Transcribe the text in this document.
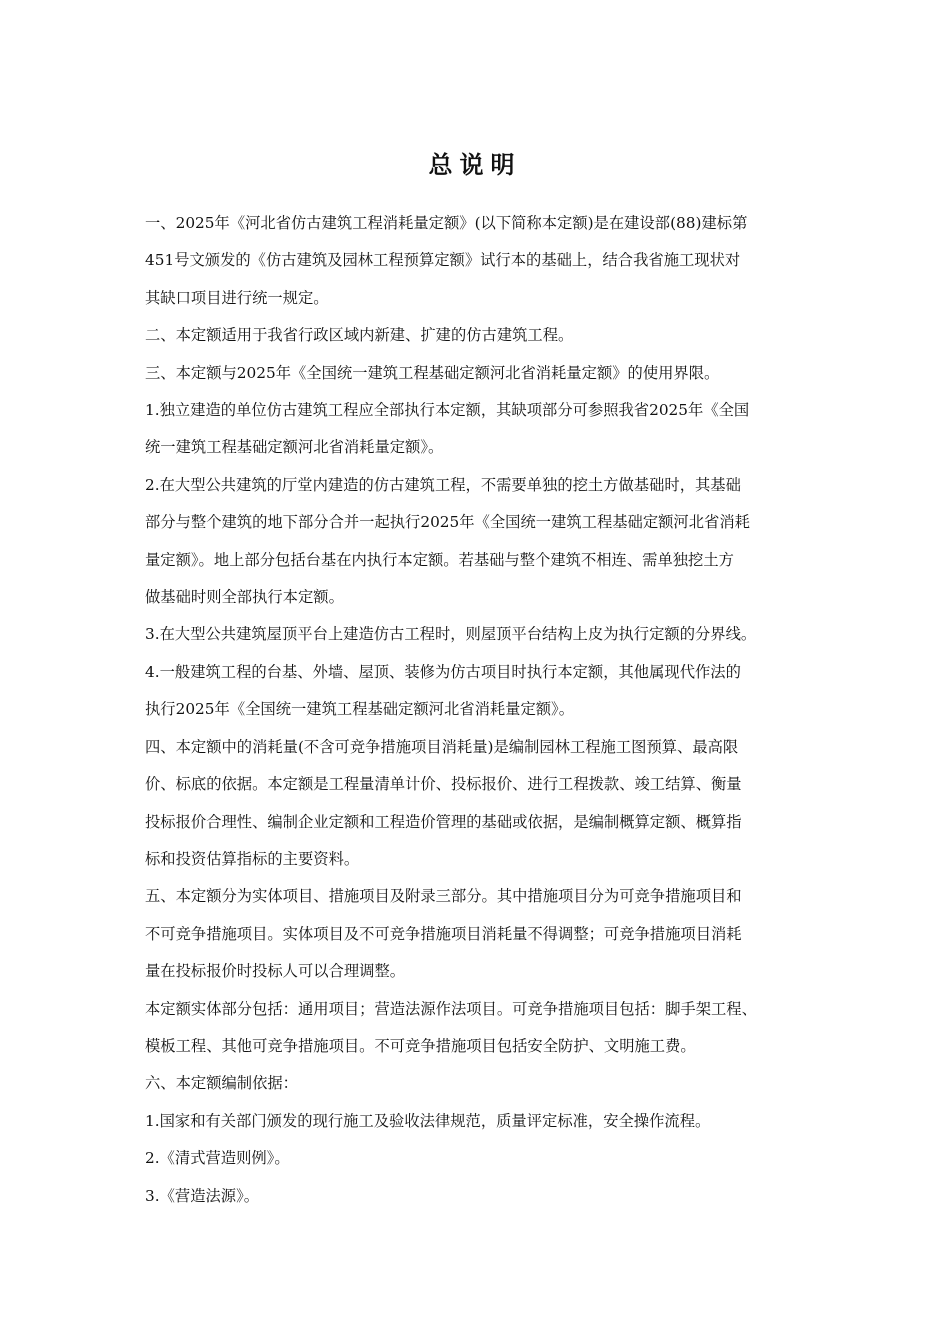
总说明

一、2025年《河北省仿古建筑工程消耗量定额》(以下简称本定额)是在建设部(88)建标第
451号文颁发的《仿古建筑及园林工程预算定额》试行本的基础上，结合我省施工现状对
其缺口项目进行统一规定。

二、本定额适用于我省行政区域内新建、扩建的仿古建筑工程。

三、本定额与2025年《全国统一建筑工程基础定额河北省消耗量定额》的使用界限。

1.独立建造的单位仿古建筑工程应全部执行本定额，其缺项部分可参照我省2025年《全国
统一建筑工程基础定额河北省消耗量定额》。

2.在大型公共建筑的厅堂内建造的仿古建筑工程，不需要单独的挖土方做基础时，其基础
部分与整个建筑的地下部分合并一起执行2025年《全国统一建筑工程基础定额河北省消耗
量定额》。地上部分包括台基在内执行本定额。若基础与整个建筑不相连、需单独挖土方
做基础时则全部执行本定额。

3.在大型公共建筑屋顶平台上建造仿古工程时，则屋顶平台结构上皮为执行定额的分界线。

4.一般建筑工程的台基、外墙、屋顶、装修为仿古项目时执行本定额，其他属现代作法的
执行2025年《全国统一建筑工程基础定额河北省消耗量定额》。

四、本定额中的消耗量(不含可竞争措施项目消耗量)是编制园林工程施工图预算、最高限
价、标底的依据。本定额是工程量清单计价、投标报价、进行工程拨款、竣工结算、衡量
投标报价合理性、编制企业定额和工程造价管理的基础或依据，是编制概算定额、概算指
标和投资估算指标的主要资料。

五、本定额分为实体项目、措施项目及附录三部分。其中措施项目分为可竞争措施项目和
不可竞争措施项目。实体项目及不可竞争措施项目消耗量不得调整；可竞争措施项目消耗
量在投标报价时投标人可以合理调整。

本定额实体部分包括：通用项目；营造法源作法项目。可竞争措施项目包括：脚手架工程、
模板工程、其他可竞争措施项目。不可竞争措施项目包括安全防护、文明施工费。

六、本定额编制依据：

1.国家和有关部门颁发的现行施工及验收法律规范，质量评定标准，安全操作流程。

2.《清式营造则例》。

3.《营造法源》。
